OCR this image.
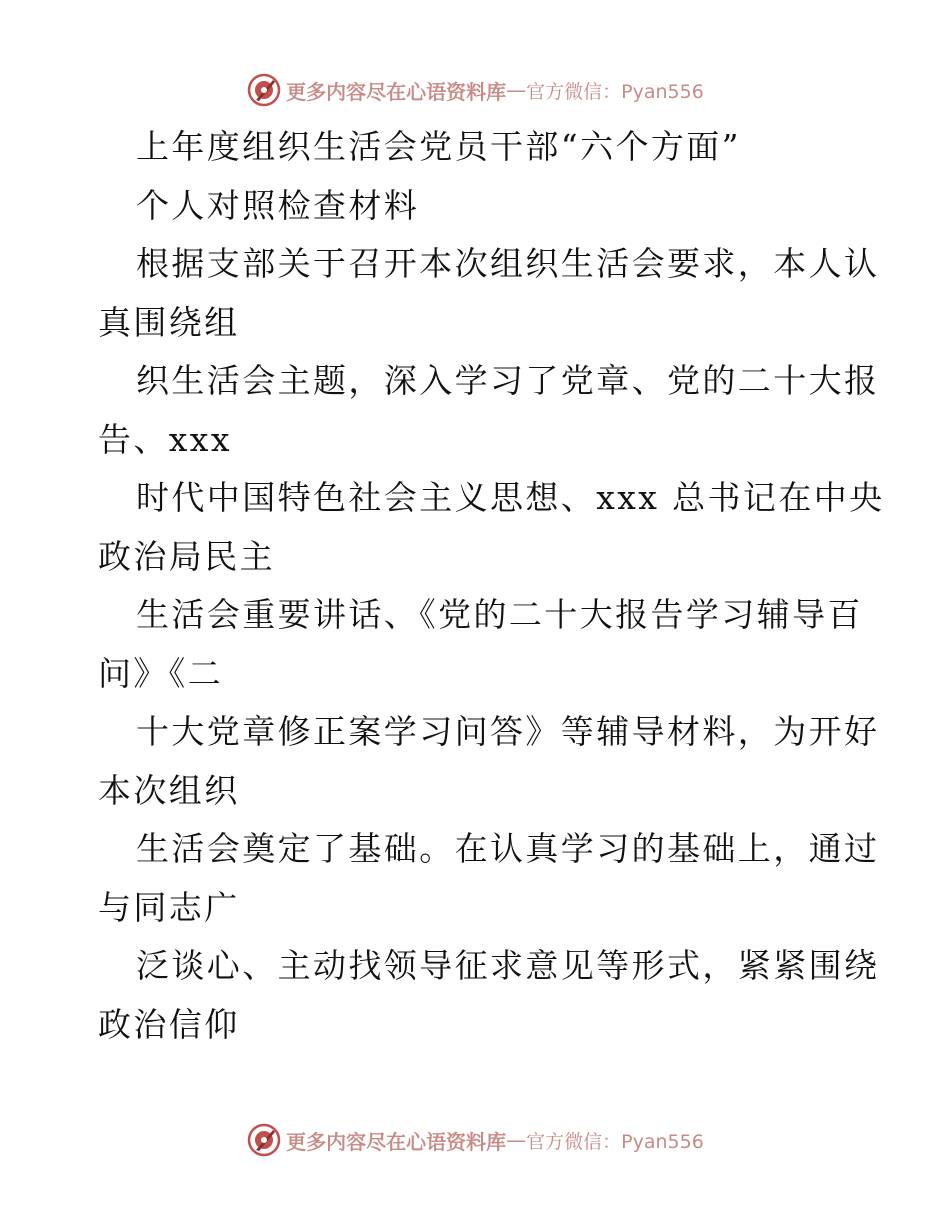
更多内容尽在心语资料库 — 官方微信：Pyan556
上年度组织生活会党员干部“六个方面”
个人对照检查材料
根据支部关于召开本次组织生活会要求，本人认
真围绕组
织生活会主题，深入学习了党章、党的二十大报
告、xxx
时代中国特色社会主义思想、xxx 总书记在中央
政治局民主
生活会重要讲话、《党的二十大报告学习辅导百
问》《二
十大党章修正案学习问答》等辅导材料，为开好
本次组织
生活会奠定了基础。在认真学习的基础上，通过
与同志广
泛谈心、主动找领导征求意见等形式，紧紧围绕
政治信仰
更多内容尽在心语资料库 — 官方微信：Pyan556
